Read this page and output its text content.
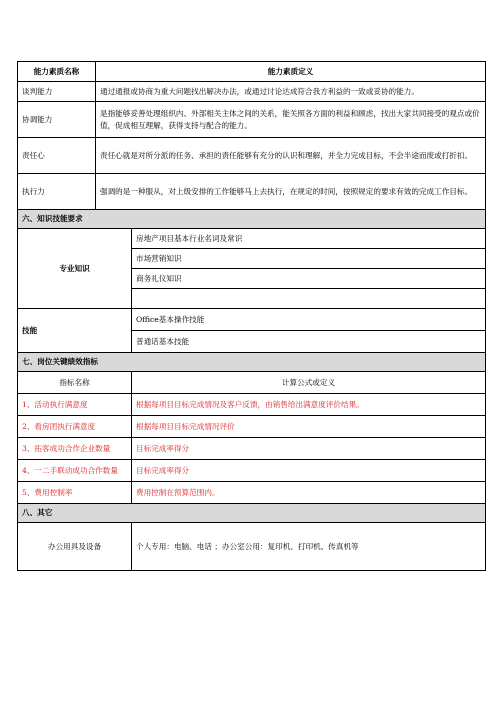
能力素质名称	能力素质定义	
谈判能力	通过通报或协商为重大问题找出解决办法，或通过讨论达成符合我方利益的一致或妥协的能力。	
协调能力	是指能够妥善处理组织内、外部相关主体之间的关系，能关照各方面的利益和顾虑，找出大家共同接受的观点或价值，促成相互理解，获得支持与配合的能力。	
责任心	责任心就是对所分派的任务、承担的责任能够有充分的认识和理解，并全力完成目标，不会半途而废或打折扣。	
执行力	强调的是一种服从，对上级安排的工作能够马上去执行，在规定的时间，按照规定的要求有效的完成工作目标。	
六、知识技能要求		
专业知识		房地产项目基本行业名词及常识
		市场营销知识
		商务礼仪知识

技能		Office基本操作技能
		普通话基本技能
七、岗位关键绩效指标		
指标名称		计算公式或定义
1、活动执行满意度		根据每项目目标完成情况及客户反馈，由销售给出满意度评价结果。
2、看房团执行满意度		根据每项目目标完成情况评价
3、拓客成功合作企业数量		目标完成率得分
4、一二手联动成功合作数量		目标完成率得分
5、费用控制率		费用控制在预算范围内。
八、其它		
办公用具及设备		个人专用：电脑、电话 ；办公室公用：复印机、打印机、传真机等
